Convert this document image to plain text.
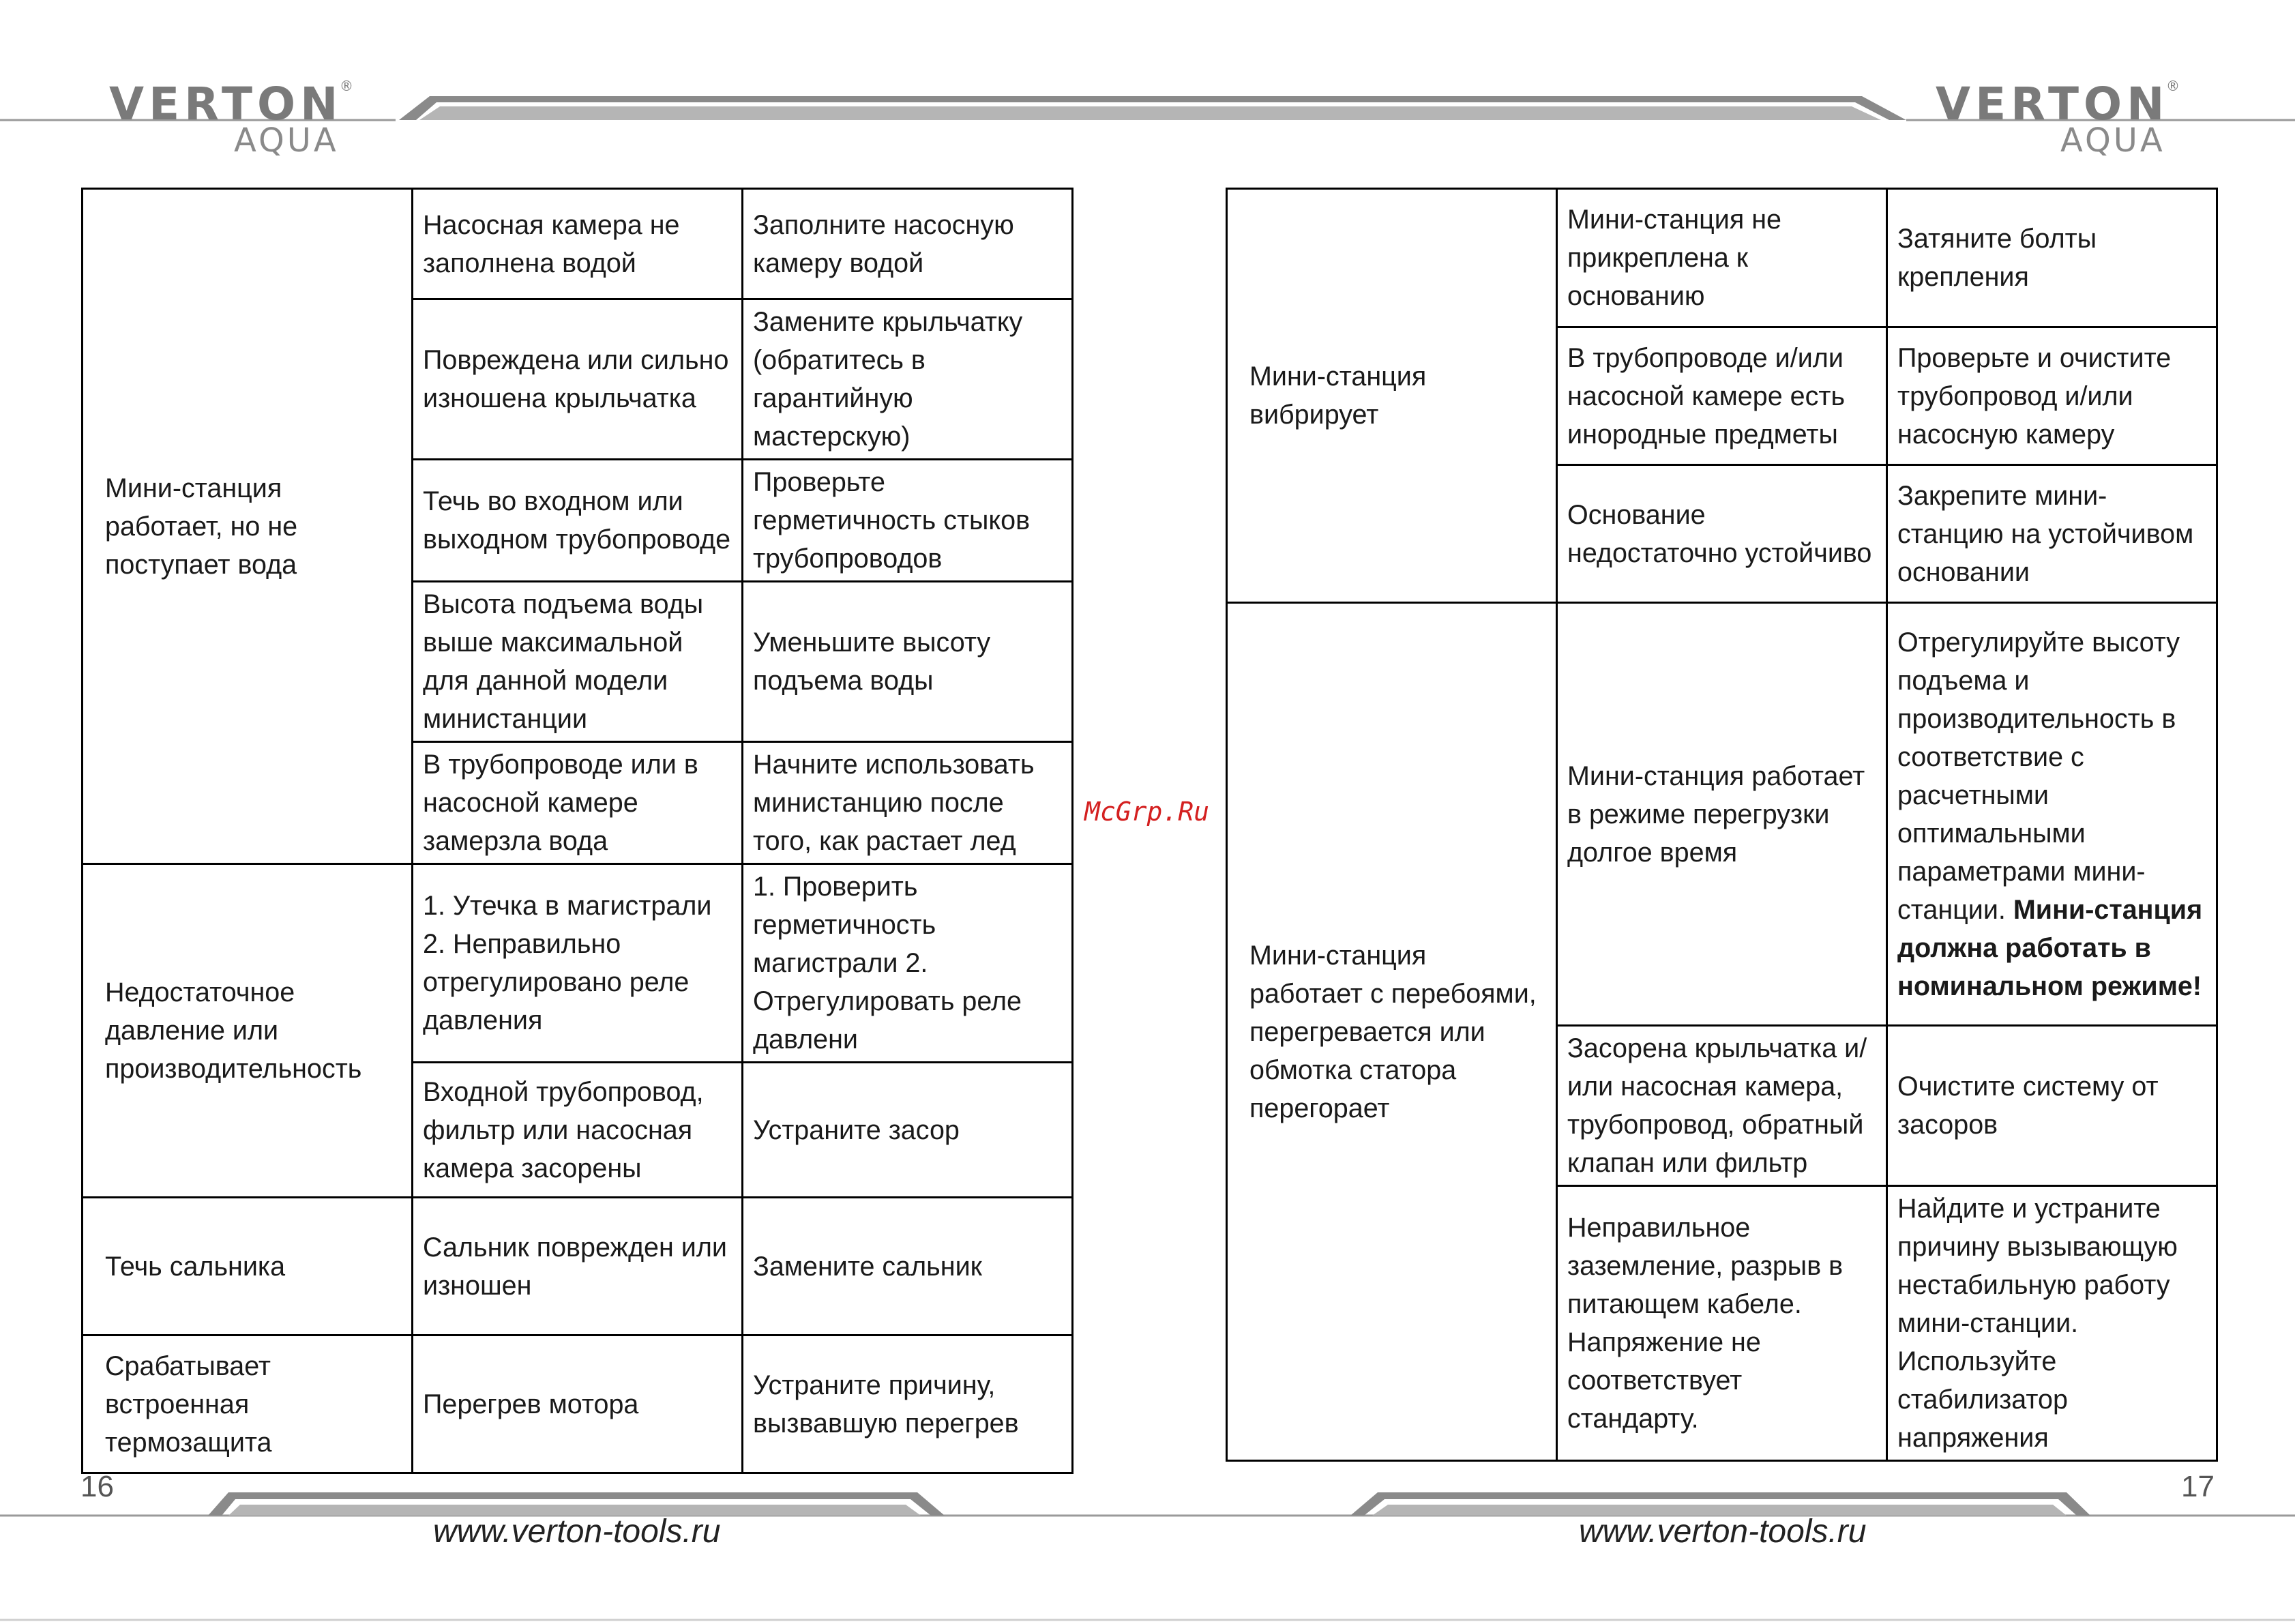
VERTON
®
AQUA
VERTON
®
AQUA
Мини-станция работает, но не поступает вода	Насосная камера не заполнена водой	Заполните насосную камеру водой
	Повреждена или сильно изношена крыльчатка	Замените крыльчатку (обратитесь в гарантийную мастерскую)
	Течь во входном или выходном трубопроводе	Проверьте герметичность стыков трубопроводов
	Высота подъема воды выше максимальной для данной модели министанции	Уменьшите высоту подъема воды
	В трубопроводе или в насосной камере замерзла вода	Начните использовать министанцию после того, как растает лед
Недостаточное давление или производительность	1. Утечка в магистрали 2. Неправильно отрегулировано реле давления	1. Проверить герметичность магистрали 2. Отрегулировать реле давлени
	Входной трубопровод, фильтр или насосная камера засорены	Устраните засор
Течь сальника	Сальник поврежден или изношен	Замените сальник
Срабатывает встроенная термозащита	Перегрев мотора	Устраните причину, вызвавшую перегрев
Мини-станция вибрирует	Мини-станция не прикреплена к основанию	Затяните болты крепления
	В трубопроводе и/или насосной камере есть инородные предметы	Проверьте и очистите трубопровод и/или насосную камеру
	Основание недостаточно устойчиво	Закрепите мини-станцию на устойчивом основании
Мини-станция работает с перебоями, перегревается или обмотка статора перегорает	Мини-станция работает в режиме перегрузки долгое время	Отрегулируйте высоту подъема и производительность в соответствие с расчетными оптимальными параметрами мини-станции. Мини-станция должна работать в номинальном режиме!
	Засорена крыльчатка и/или насосная камера, трубопровод, обратный клапан или фильтр	Очистите систему от засоров
	Неправильное заземление, разрыв в питающем кабеле. Напряжение не соответствует стандарту.	Найдите и устраните причину вызывающую нестабильную работу мини-станции. Используйте стабилизатор напряжения
McGrp.Ru
16	17
www.verton-tools.ru	www.verton-tools.ru
